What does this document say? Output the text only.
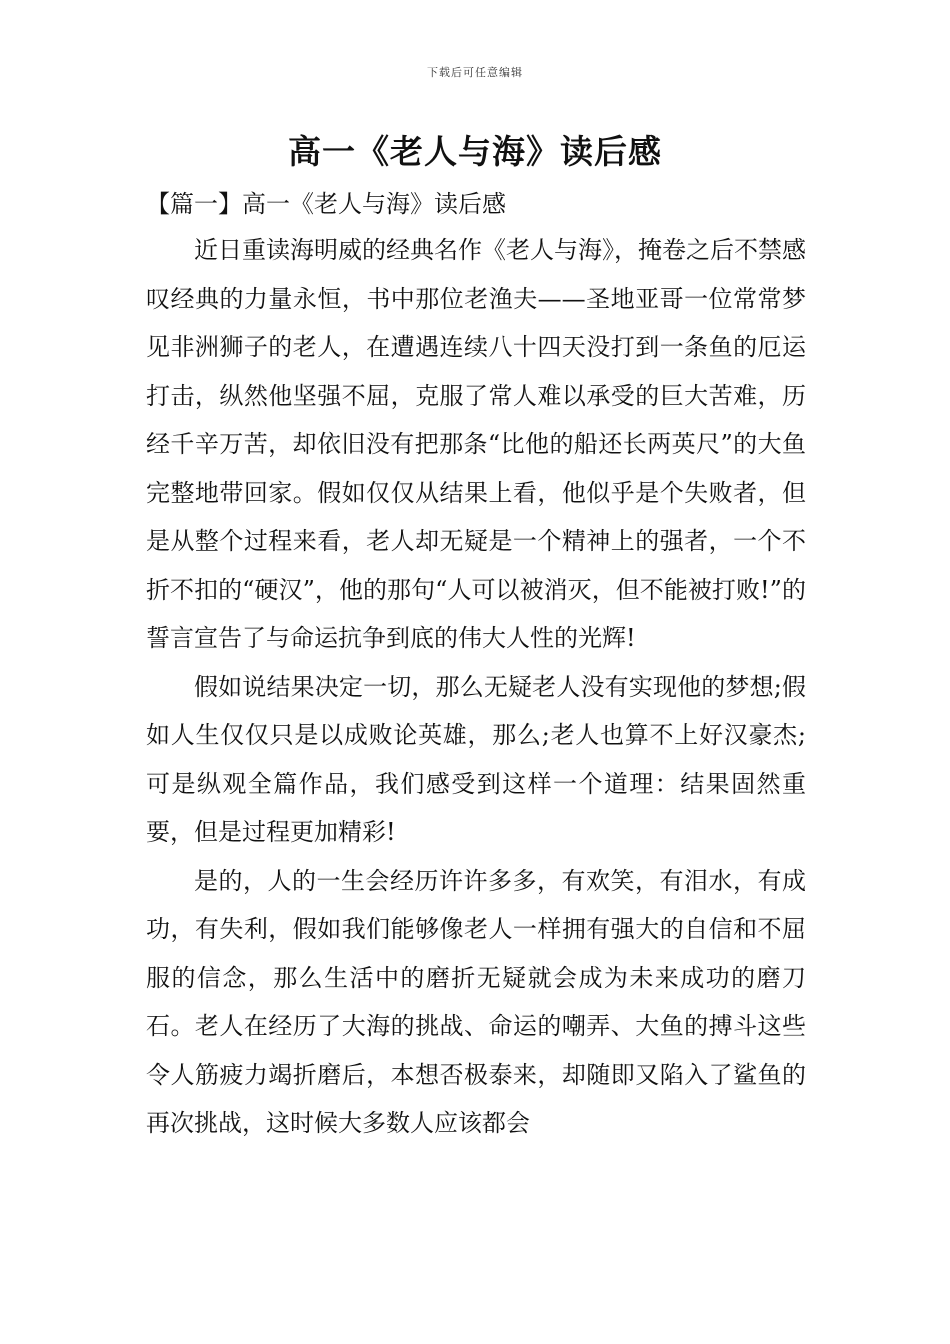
下载后可任意编辑
高一《老人与海》读后感
【篇一】高一《老人与海》读后感

近日重读海明威的经典名作《老人与海》，掩卷之后不禁感叹经典的力量永恒，书中那位老渔夫——圣地亚哥一位常常梦见非洲狮子的老人，在遭遇连续八十四天没打到一条鱼的厄运打击，纵然他坚强不屈，克服了常人难以承受的巨大苦难，历经千辛万苦，却依旧没有把那条“比他的船还长两英尺”的大鱼完整地带回家。假如仅仅从结果上看，他似乎是个失败者，但是从整个过程来看，老人却无疑是一个精神上的强者，一个不折不扣的“硬汉”，他的那句“人可以被消灭，但不能被打败!”的誓言宣告了与命运抗争到底的伟大人性的光辉!

假如说结果决定一切，那么无疑老人没有实现他的梦想;假如人生仅仅只是以成败论英雄，那么;老人也算不上好汉豪杰;可是纵观全篇作品，我们感受到这样一个道理：结果固然重要，但是过程更加精彩!

是的，人的一生会经历许许多多，有欢笑，有泪水，有成功，有失利，假如我们能够像老人一样拥有强大的自信和不屈服的信念，那么生活中的磨折无疑就会成为未来成功的磨刀石。老人在经历了大海的挑战、命运的嘲弄、大鱼的搏斗这些令人筋疲力竭折磨后，本想否极泰来，却随即又陷入了鲨鱼的再次挑战，这时候大多数人应该都会
